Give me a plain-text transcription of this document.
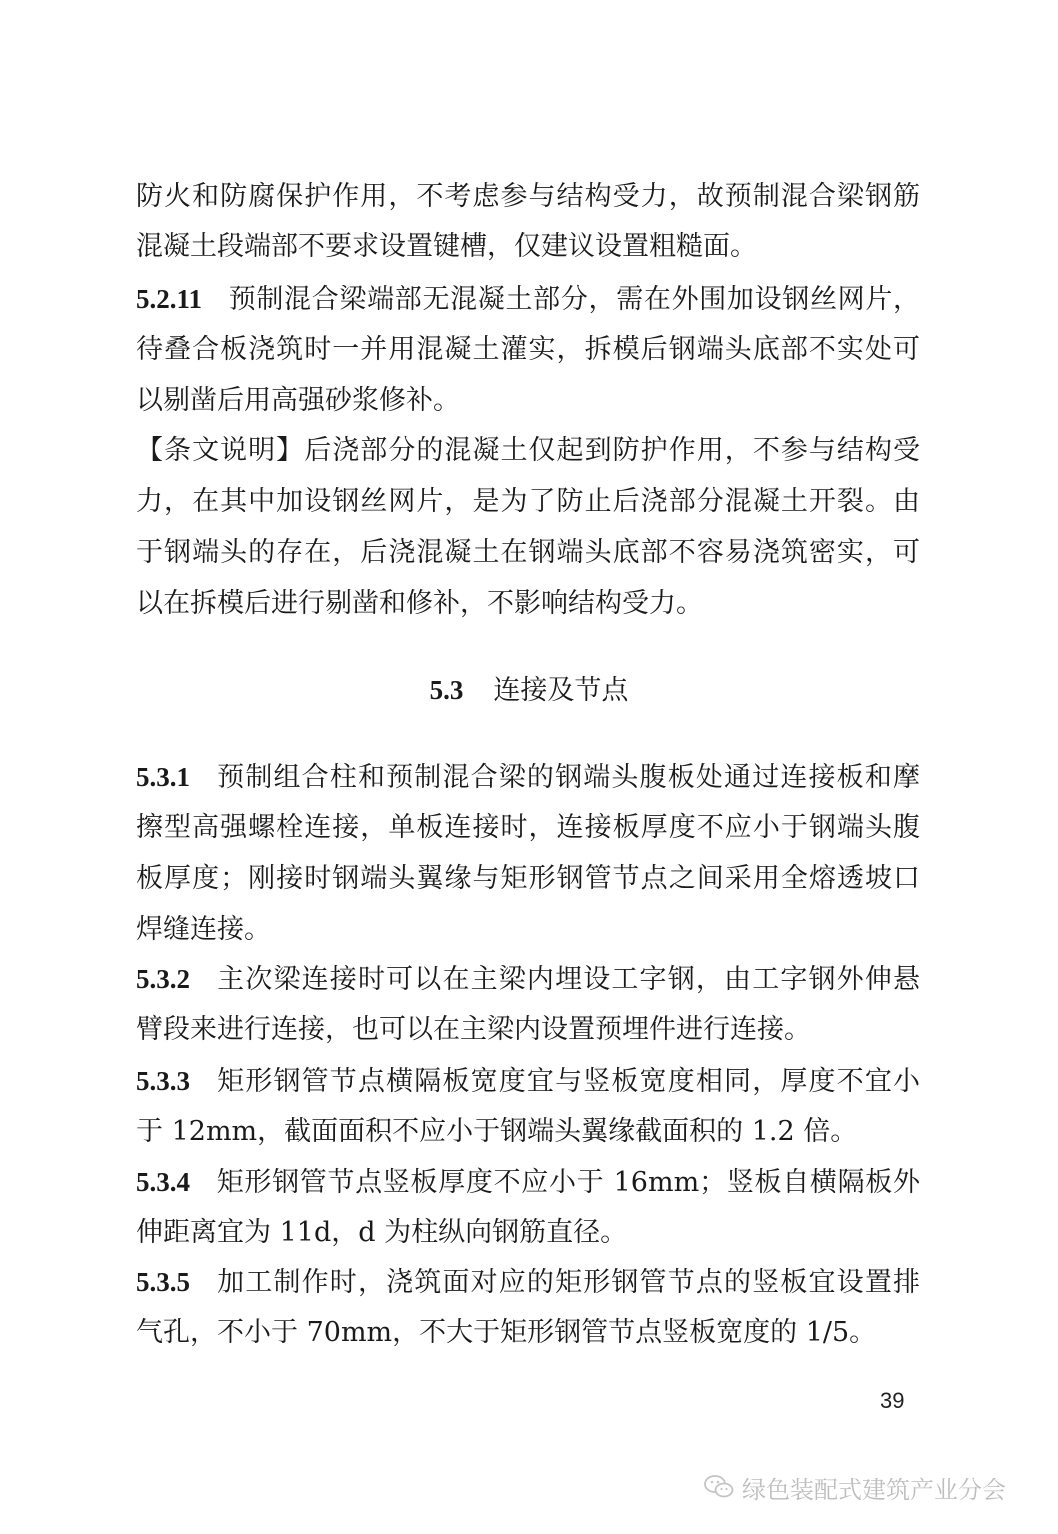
防火和防腐保护作用，不考虑参与结构受力，故预制混合梁钢筋
混凝土段端部不要求设置键槽，仅建议设置粗糙面。
5.2.11 预制混合梁端部无混凝土部分，需在外围加设钢丝网片，
待叠合板浇筑时一并用混凝土灌实，拆模后钢端头底部不实处可
以剔凿后用高强砂浆修补。
【条文说明】后浇部分的混凝土仅起到防护作用，不参与结构受
力，在其中加设钢丝网片，是为了防止后浇部分混凝土开裂。由
于钢端头的存在，后浇混凝土在钢端头底部不容易浇筑密实，可
以在拆模后进行剔凿和修补，不影响结构受力。
5.3 连接及节点
5.3.1 预制组合柱和预制混合梁的钢端头腹板处通过连接板和摩
擦型高强螺栓连接，单板连接时，连接板厚度不应小于钢端头腹
板厚度；刚接时钢端头翼缘与矩形钢管节点之间采用全熔透坡口
焊缝连接。
5.3.2 主次梁连接时可以在主梁内埋设工字钢，由工字钢外伸悬
臂段来进行连接，也可以在主梁内设置预埋件进行连接。
5.3.3 矩形钢管节点横隔板宽度宜与竖板宽度相同，厚度不宜小
于 12mm，截面面积不应小于钢端头翼缘截面积的 1.2 倍。
5.3.4 矩形钢管节点竖板厚度不应小于 16mm；竖板自横隔板外
伸距离宜为 11d，d 为柱纵向钢筋直径。
5.3.5 加工制作时，浇筑面对应的矩形钢管节点的竖板宜设置排
气孔，不小于 70mm，不大于矩形钢管节点竖板宽度的 1/5。
39
绿色装配式建筑产业分会
